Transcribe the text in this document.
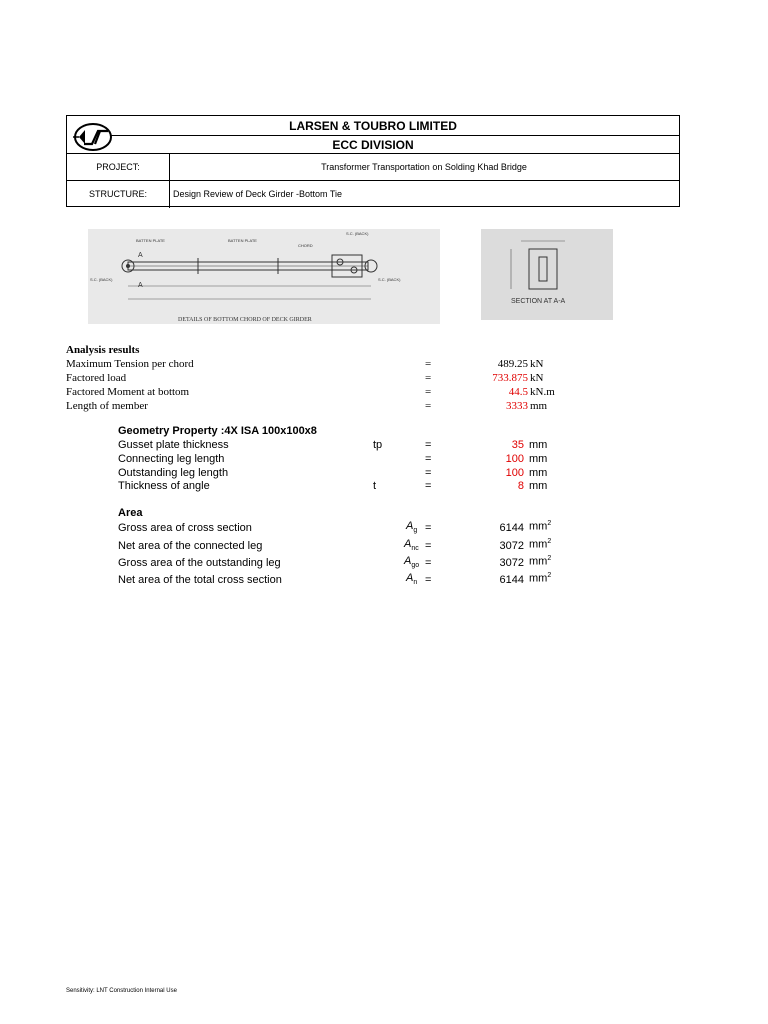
LARSEN & TOUBRO LIMITED
ECC DIVISION
PROJECT:	Transformer Transportation on Solding Khad Bridge
STRUCTURE:	Design Review of Deck Girder -Bottom Tie
BATTEN PLATE	BATTEN PLATE
CHORD
S.C. (BACK)
A
A
S.C. (BACK)	S.C. (BACK)
DETAILS OF BOTTOM CHORD OF DECK GIRDER
SECTION AT A-A
Analysis results
Maximum Tension per chord	=	489.25 kN
Factored load	=	733.875 kN
Factored Moment at bottom	=	44.5 kN.m
Length of member	=	3333 mm
Geometry Property :4X ISA 100x100x8
Gusset plate thickness	tp	=	35 mm
Connecting leg length	=	100 mm
Outstanding leg length	=	100 mm
Thickness of angle	t	=	8 mm
Area
Gross area of cross section	$A_g$ =	6144 $mm^2$
Net area of the connected leg	$A_{nc}$ =	3072 $mm^2$
Gross area of the outstanding leg	$A_{go}$ =	3072 $mm^2$
Net area of the total cross section	$A_n$ =	6144 $mm^2$
Sensitivity: LNT Construction Internal Use
